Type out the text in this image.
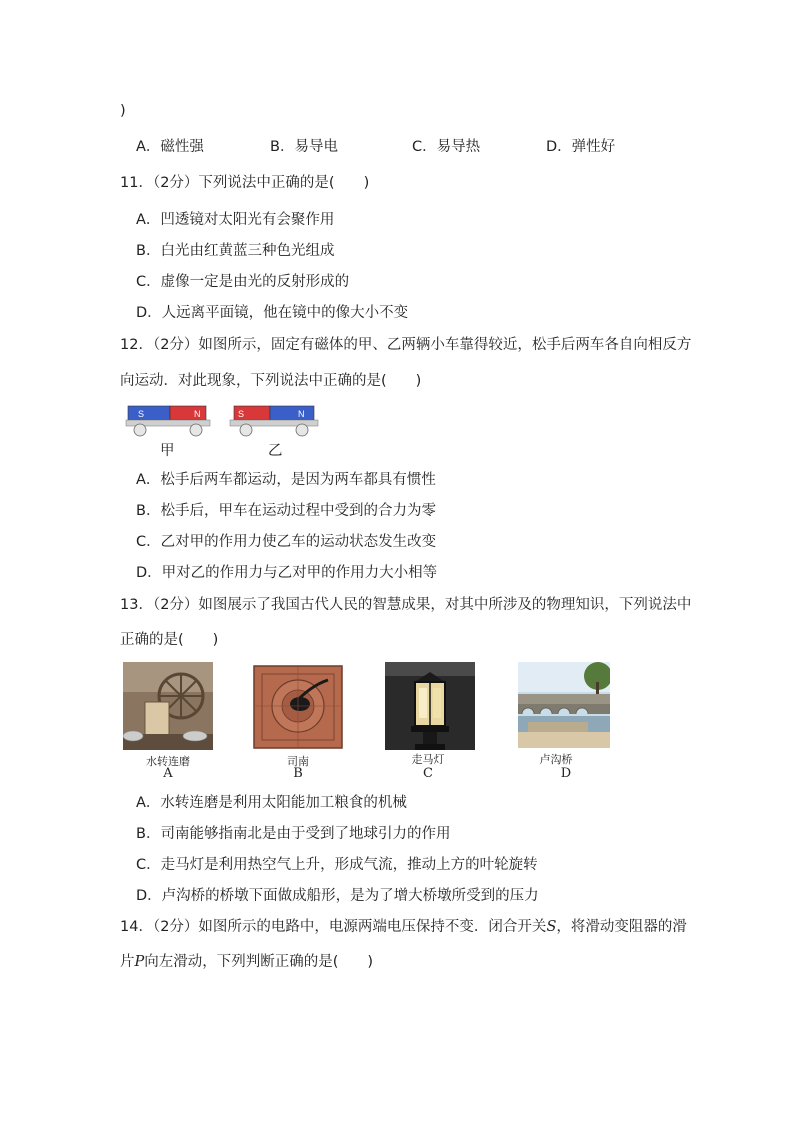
)
A．磁性强	B．易导电	C．易导热	D．弹性好
11．（2分）下列说法中正确的是(　　)
A．凹透镜对太阳光有会聚作用
B．白光由红黄蓝三种色光组成
C．虚像一定是由光的反射形成的
D．人远离平面镜，他在镜中的像大小不变
12．（2分）如图所示，固定有磁体的甲、乙两辆小车靠得较近，松手后两车各自向相反方
向运动．对此现象，下列说法中正确的是(　　)
S	N	S	N
甲	乙
A．松手后两车都运动，是因为两车都具有惯性
B．松手后，甲车在运动过程中受到的合力为零
C．乙对甲的作用力使乙车的运动状态发生改变
D．甲对乙的作用力与乙对甲的作用力大小相等
13．（2分）如图展示了我国古代人民的智慧成果，对其中所涉及的物理知识，下列说法中
正确的是(　　)
水转连磨
A
司南
B
走马灯
C
卢沟桥
D
A．水转连磨是利用太阳能加工粮食的机械
B．司南能够指南北是由于受到了地球引力的作用
C．走马灯是利用热空气上升，形成气流，推动上方的叶轮旋转
D．卢沟桥的桥墩下面做成船形，是为了增大桥墩所受到的压力
14．（2分）如图所示的电路中，电源两端电压保持不变．闭合开关S，将滑动变阻器的滑
片P向左滑动，下列判断正确的是(　　)
